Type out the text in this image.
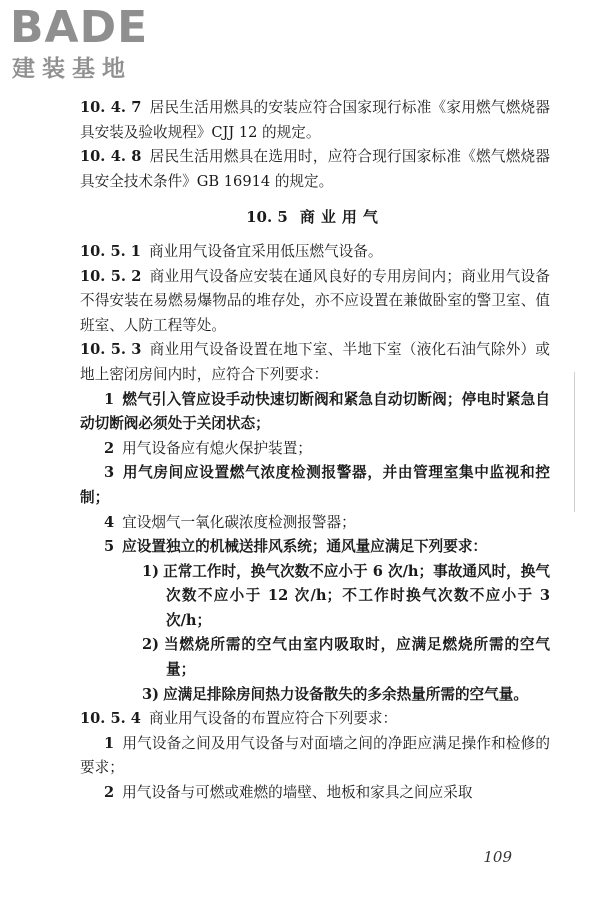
BADE
建装基地

10. 4. 7 居民生活用燃具的安装应符合国家现行标准《家用燃气燃烧器具安装及验收规程》CJJ 12 的规定。

10. 4. 8 居民生活用燃具在选用时，应符合现行国家标准《燃气燃烧器具安全技术条件》GB 16914 的规定。

10. 5 商业用气

10. 5. 1 商业用气设备宜采用低压燃气设备。

10. 5. 2 商业用气设备应安装在通风良好的专用房间内；商业用气设备不得安装在易燃易爆物品的堆存处，亦不应设置在兼做卧室的警卫室、值班室、人防工程等处。

10. 5. 3 商业用气设备设置在地下室、半地下室（液化石油气除外）或地上密闭房间内时，应符合下列要求：

1 燃气引入管应设手动快速切断阀和紧急自动切断阀；停电时紧急自动切断阀必须处于关闭状态；

2 用气设备应有熄火保护装置；

3 用气房间应设置燃气浓度检测报警器，并由管理室集中监视和控制；

4 宜设烟气一氧化碳浓度检测报警器；

5 应设置独立的机械送排风系统；通风量应满足下列要求：

1) 正常工作时，换气次数不应小于 6 次/h；事故通风时，换气次数不应小于 12 次/h；不工作时换气次数不应小于 3 次/h；

2) 当燃烧所需的空气由室内吸取时，应满足燃烧所需的空气量；

3) 应满足排除房间热力设备散失的多余热量所需的空气量。

10. 5. 4 商业用气设备的布置应符合下列要求：

1 用气设备之间及用气设备与对面墙之间的净距应满足操作和检修的要求；

2 用气设备与可燃或难燃的墙壁、地板和家具之间应采取

109
